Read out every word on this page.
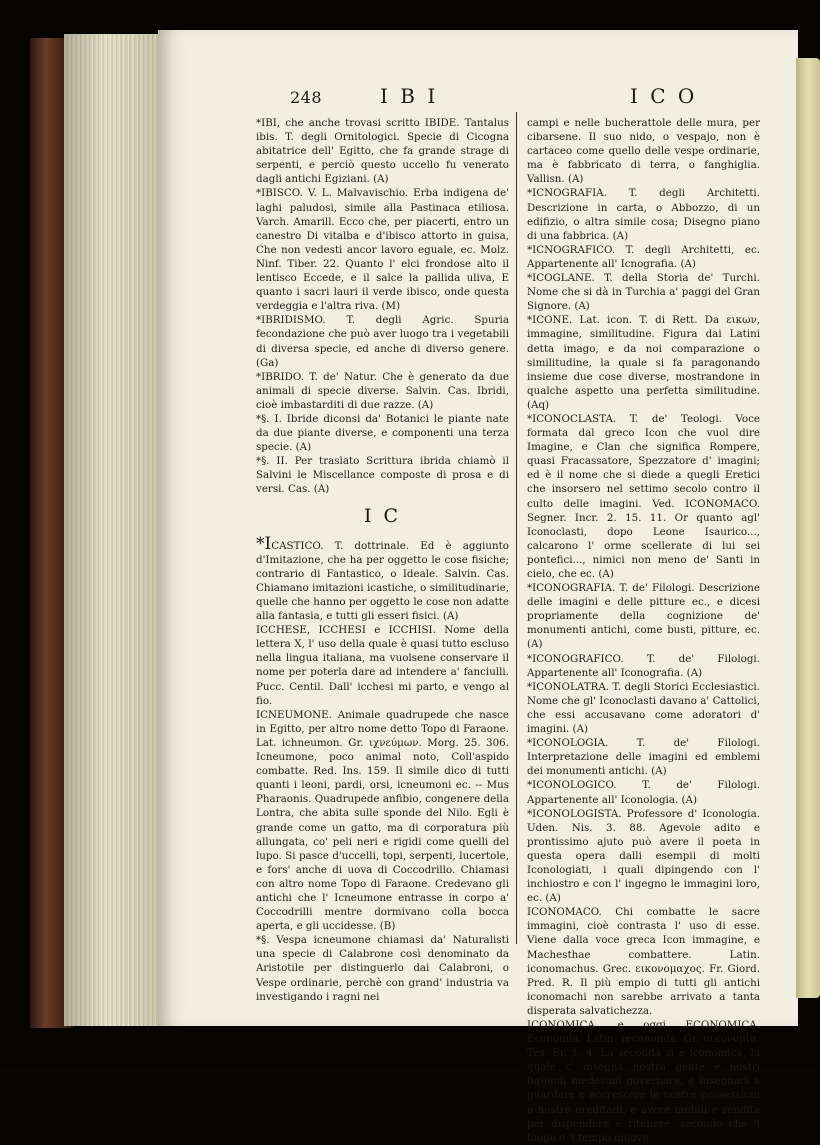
248	I B I	I C O

*IBI, che anche trovasi scritto IBIDE. Tantalus ibis. T. degli Ornitologici. Specie di Cicogna abitatrice dell' Egitto, che fa grande strage di serpenti, e perciò questo uccello fu venerato dagli antichi Egiziani. (A)

*IBISCO. V. L. Malvavischio. Erba indigena de' laghi paludosi, simile alla Pastinaca etiliosa. Varch. Amarill. Ecco che, per piacerti, entro un canestro Di vitalba e d'ibisco attorto in guisa, Che non vedesti ancor lavoro eguale, ec. Molz. Ninf. Tiber. 22. Quanto l' elci frondose alto il lentisco Eccede, e il salce la pallida uliva, E quanto i sacri lauri il verde ibisco, onde questa verdeggia e l'altra riva. (M)

*IBRIDISMO. T. degli Agric. Spuria fecondazione che può aver luogo tra i vegetabili di diversa specie, ed anche di diverso genere. (Ga)

*IBRIDO. T. de' Natur. Che è generato da due animali di specie diverse. Salvin. Cas. Ibridi, cioè imbastarditi di due razze. (A)

*§. I. Ibride diconsi da' Botanici le piante nate da due piante diverse, e componenti una terza specie. (A)

*§. II. Per traslato Scrittura ibrida chiamò il Salvini le Miscellance composte di prosa e di versi. Cas. (A)

I C

*ICASTICO. T. dottrinale. Ed è aggiunto d'Imitazione, che ha per oggetto le cose fisiche; contrario di Fantastico, o Ideale. Salvin. Cas. Chiamano imitazioni icastiche, o similitudinarie, quelle che hanno per oggetto le cose non adatte alla fantasia, e tutti gli esseri fisici. (A)

ICCHESE, ICCHESI e ICCHISI. Nome della lettera X, l' uso della quale è quasi tutto escluso nella lingua italiana, ma vuolsene conservare il nome per poterla dare ad intendere a' fanciulli. Pucc. Centil. Dall' icchesi mi parto, e vengo al fio.

ICNEUMONE. Animale quadrupede che nasce in Egitto, per altro nome detto Topo di Faraone. Lat. ichneumon. Gr. ιχνεύμων. Morg. 25. 306. Icneumone, poco animal noto, Coll'aspido combatte. Red. Ins. 159. Il simile dico di tutti quanti i leoni, pardi, orsi, icneumoni ec. -- Mus Pharaonis. Quadrupede anfibio, congenere della Lontra, che abita sulle sponde del Nilo. Egli è grande come un gatto, ma di corporatura più allungata, co' peli neri e rigidi come quelli del lupo. Si pasce d'uccelli, topi, serpenti, lucertole, e fors' anche di uova di Coccodrillo. Chiamasi con altro nome Topo di Faraone. Credevano gli antichi che l' Icneumone entrasse in corpo a' Coccodrilli mentre dormivano colla bocca aperta, e gli uccidesse. (B)

*§. Vespa icneumone chiamasi da' Naturalisti una specie di Calabrone così denominato da Aristotile per distinguerlo dai Calabroni, o Vespe ordinarie, perchè con grand' industria va investigando i ragni nei

campi e nelle bucherattole delle mura, per cibarsene. Il suo nido, o vespajo, non è cartaceo come quello delle vespe ordinarie, ma è fabbricato di terra, o fanghiglia. Vallisn. (A)

*ICNOGRAFIA. T. degli Architetti. Descrizione in carta, o Abbozzo, di un edifizio, o altra simile cosa; Disegno piano di una fabbrica. (A)

*ICNOGRAFICO. T. degli Architetti, ec. Appartenente all' Icnografia. (A)

*ICOGLANE. T. della Storia de' Turchi. Nome che si dà in Turchia a' paggi del Gran Signore. (A)

*ICONE. Lat. icon. T. di Rett. Da εικων, immagine, similitudine. Figura dai Latini detta imago, e da noi comparazione o similitudine, la quale si fa paragonando insieme due cose diverse, mostrandone in qualche aspetto una perfetta similitudine. (Aq)

*ICONOCLASTA. T. de' Teologi. Voce formata dal greco Icon che vuol dire Imagine, e Clan che significa Rompere, quasi Fracassatore, Spezzatore d' imagini; ed è il nome che si diede a quegli Eretici che insorsero nel settimo secolo contro il culto delle imagini. Ved. ICONOMACO. Segner. Incr. 2. 15. 11. Or quanto agl' Iconoclasti, dopo Leone Isaurico..., calcarono l' orme scellerate di lui sei pontefici..., nimici non meno de' Santi in cielo, che ec. (A)

*ICONOGRAFIA. T. de' Filologi. Descrizione delle imagini e delle pitture ec., e dicesi propriamente della cognizione de' monumenti antichi, come busti, pitture, ec. (A)

*ICONOGRAFICO. T. de' Filologi. Appartenente all' Iconografia. (A)

*ICONOLATRA. T. degli Storici Ecclesiastici. Nome che gl' Iconoclasti davano a' Cattolici, che essi accusavano come adoratori d' imagini. (A)

*ICONOLOGIA. T. de' Filologi. Interpretazione delle imagini ed emblemi dei monumenti antichi. (A)

*ICONOLOGICO. T. de' Filologi. Appartenente all' Iconologia. (A)

*ICONOLOGISTA. Professore d' Iconologia. Uden. Nis. 3. 88. Agevole adito e prontissimo ajuto può avere il poeta in questa opera dalli esempii di molti Iconologiati, i quali dipingendo con l' inchiostro e con l' ingegno le immagini loro, ec. (A)

ICONOMACO. Chi combatte le sacre immagini, cioè contrasta l' uso di esse. Viene dalla voce greca Icon immagine, e Machesthae combattere. Latin. iconomachus. Grec. εικονομαχος. Fr. Giord. Pred. R. Il più empio di tutti gli antichi iconomachi non sarebbe arrivato a tanta disperata salvatichezza.

ICONOMICA, e oggi ECONOMICA. Economia. Latin. œconomia. Gr. οικονομία. Tes. Br. 1. 4. La seconda si è iconomica, la quale c' insegna nostra gente e nostri figliuoli medesimi governare, e insegnaci a guardare e accrescere le nostre possessioni e nostre ereditadi, e avere mobili e rendita per dispendere e ritenere, secondo che 'l luogo e 'l tempo muove.
